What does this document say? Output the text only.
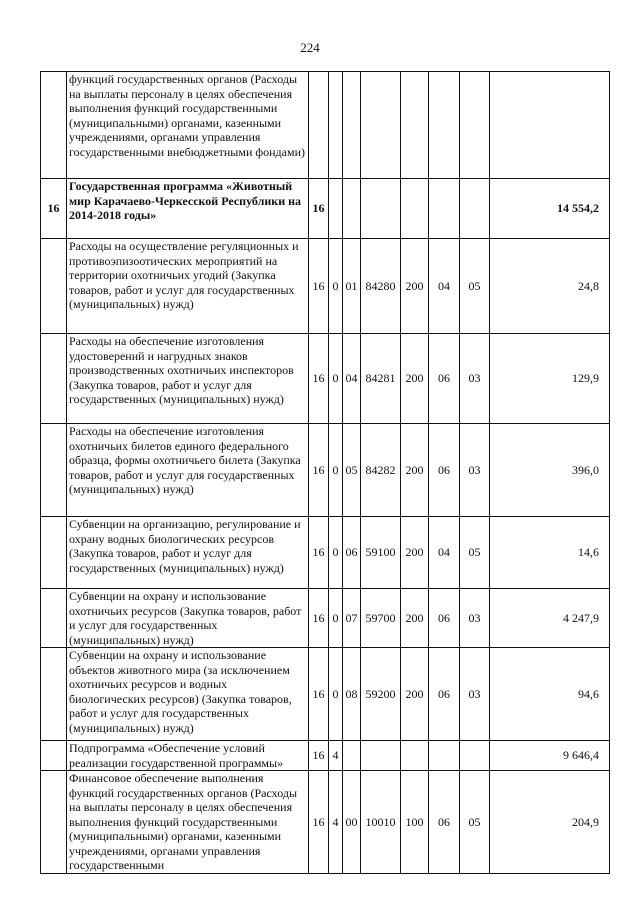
224
	функций государственных органов (Расходы на выплаты персоналу в целях обеспечения выполнения функций государственными (муниципальными) органами, казенными учреждениями, органами управления государственными внебюджетными фондами)								
16	Государственная программа «Животный мир Карачаево-Черкесской Республики на 2014-2018 годы»	16							14 554,2
	Расходы на осуществление регуляционных и противоэпизоотических мероприятий на территории охотничьих угодий (Закупка товаров, работ и услуг для государственных (муниципальных) нужд)	16	0	01	84280	200	04	05	24,8
	Расходы на обеспечение изготовления удостоверений и нагрудных знаков производственных охотничьих инспекторов (Закупка товаров, работ и услуг для государственных (муниципальных) нужд)	16	0	04	84281	200	06	03	129,9
	Расходы на обеспечение изготовления охотничьих билетов единого федерального образца, формы охотничьего билета (Закупка товаров, работ и услуг для государственных (муниципальных) нужд)	16	0	05	84282	200	06	03	396,0
	Субвенции на организацию, регулирование и охрану водных биологических ресурсов (Закупка товаров, работ и услуг для государственных (муниципальных) нужд)	16	0	06	59100	200	04	05	14,6
	Субвенции на охрану и использование охотничьих ресурсов (Закупка товаров, работ и услуг для государственных (муниципальных) нужд)	16	0	07	59700	200	06	03	4 247,9
	Субвенции на охрану и использование объектов животного мира (за исключением охотничьих ресурсов и водных биологических ресурсов) (Закупка товаров, работ и услуг для государственных (муниципальных) нужд)	16	0	08	59200	200	06	03	94,6
	Подпрограмма «Обеспечение условий реализации государственной программы»	16	4						9 646,4
	Финансовое обеспечение выполнения функций государственных органов (Расходы на выплаты персоналу в целях обеспечения выполнения функций государственными (муниципальными) органами, казенными учреждениями, органами управления государственными	16	4	00	10010	100	06	05	204,9
